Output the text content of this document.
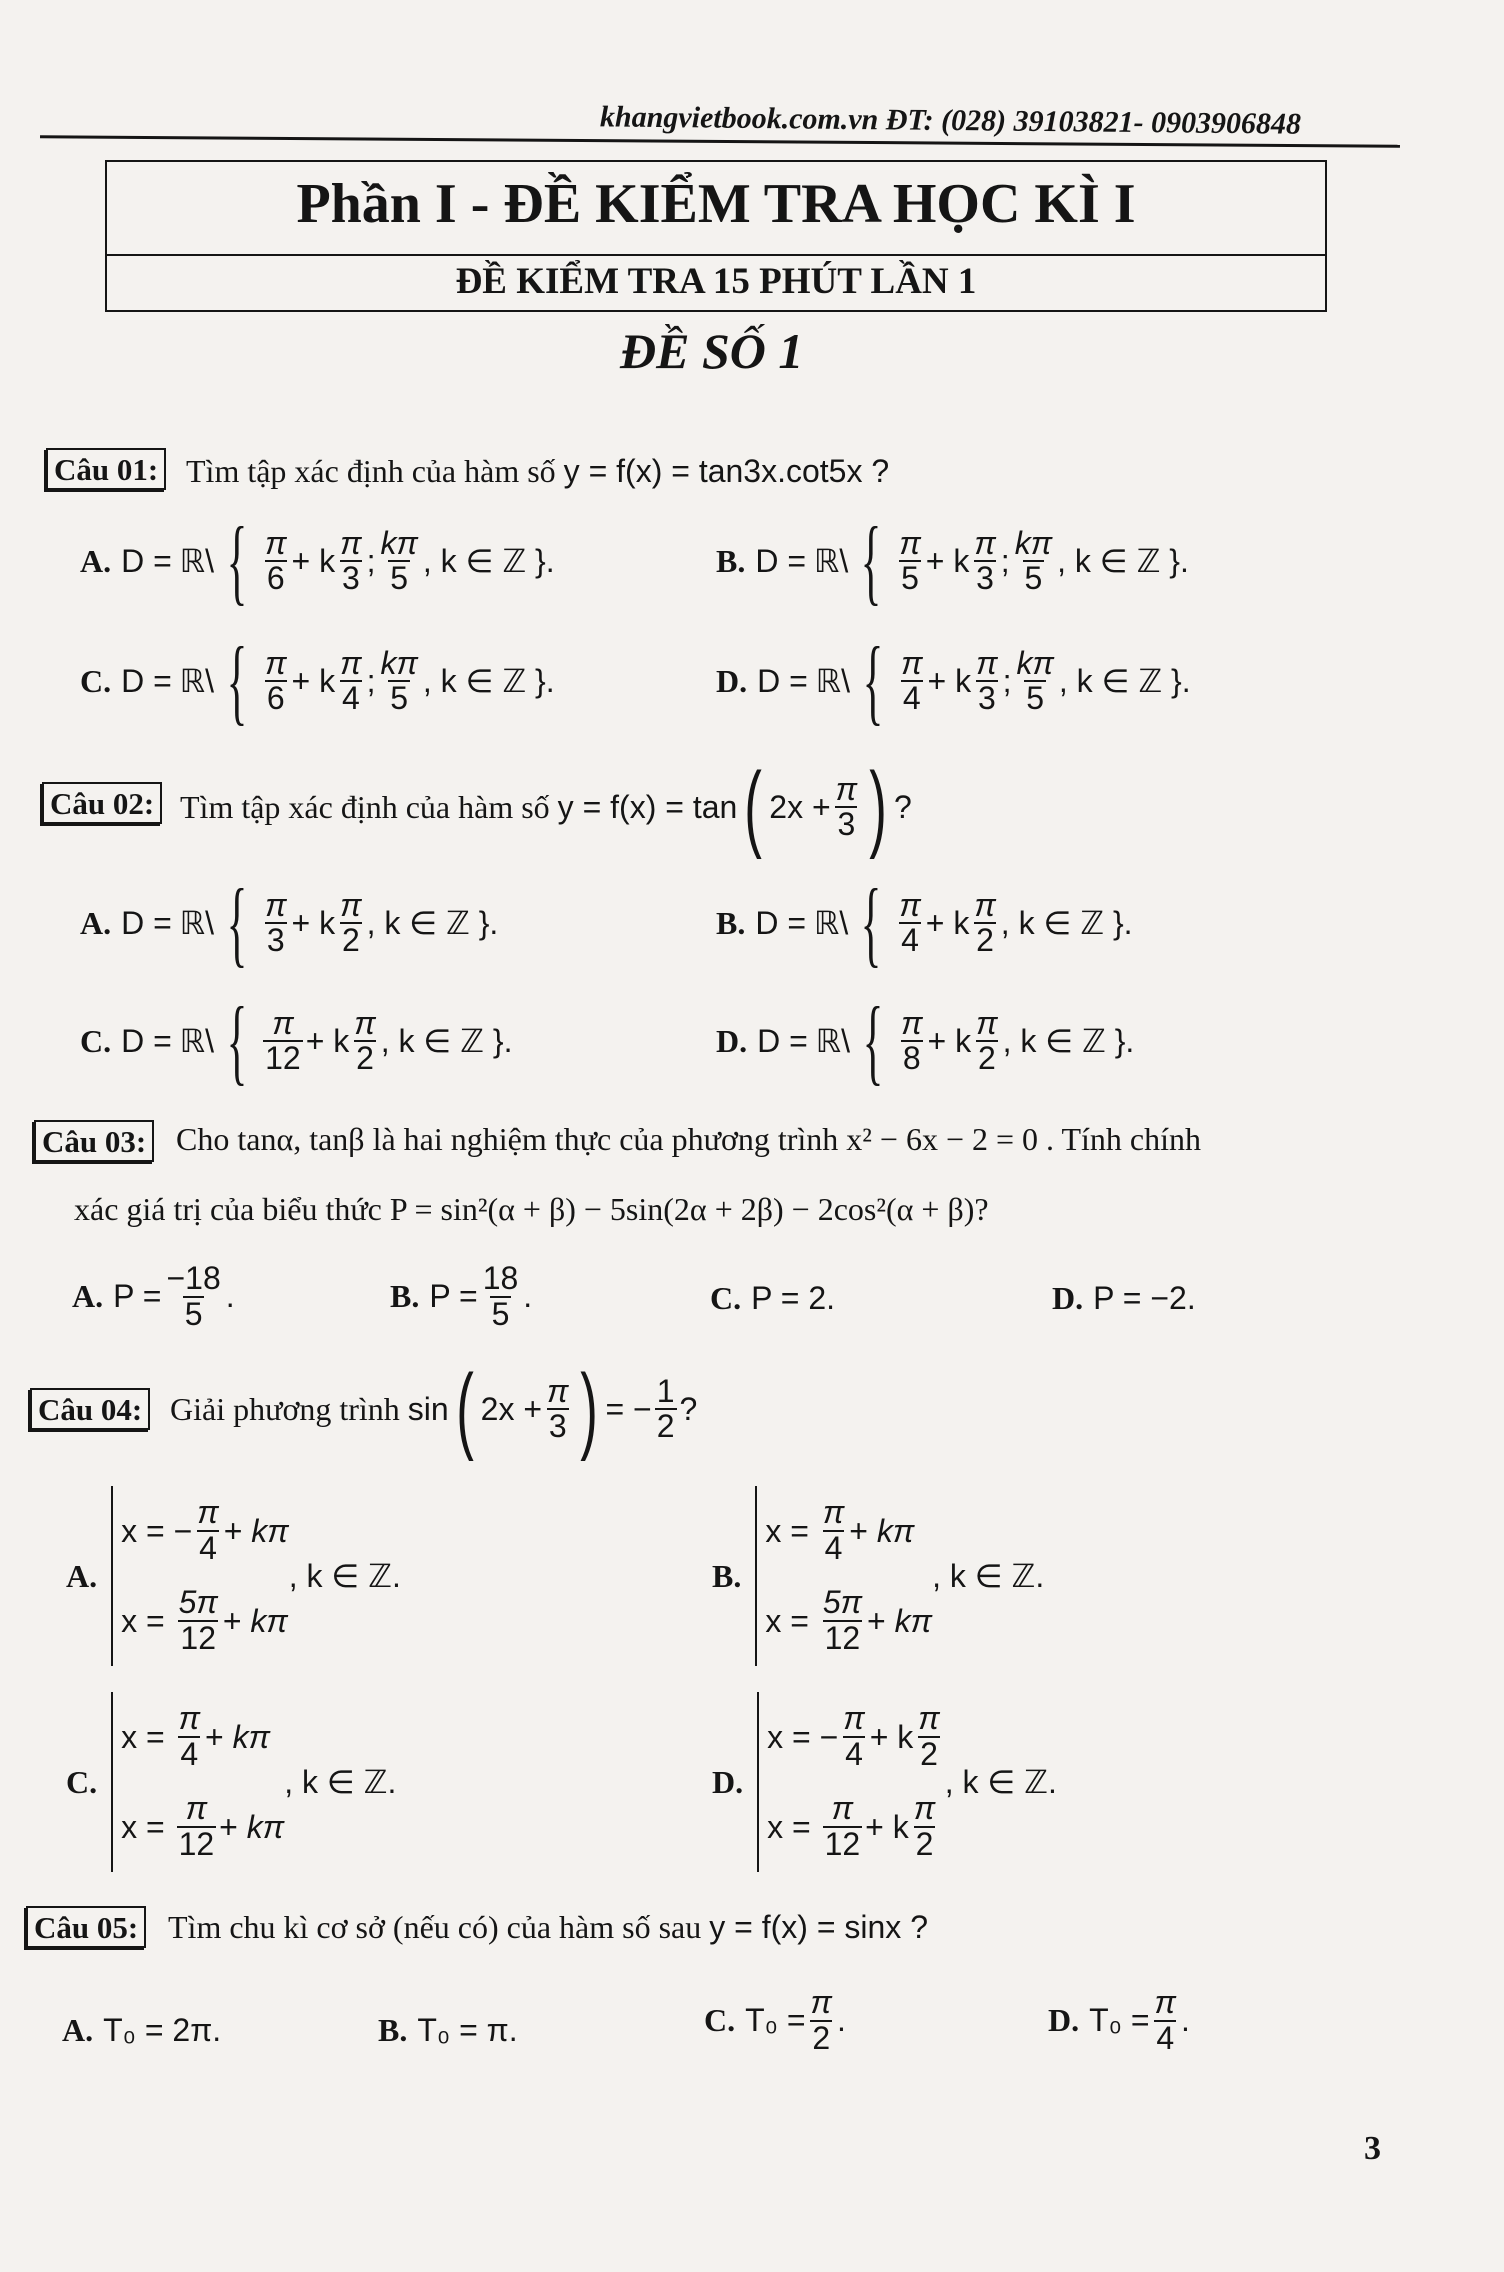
khangvietbook.com.vn ĐT: (028) 39103821- 0903906848
Phần I - ĐỀ KIỂM TRA HỌC KÌ I
ĐỀ KIỂM TRA 15 PHÚT LẦN 1
ĐỀ SỐ 1
Câu 01: Tìm tập xác định của hàm số y = f(x) = tan3x.cot5x ?
A. D =
ℝ \ { $\frac{\pi}{6} + k \frac{\pi}{3}$ ; $\frac{k\pi}{5}$ , k ∈ ℤ }.	B. D =
ℝ \ { $\frac{\pi}{5} + k \frac{\pi}{3}$ ; $\frac{k\pi}{5}$ , k ∈ ℤ }.
C. D =
ℝ \ { $\frac{\pi}{6} + k \frac{\pi}{4}$ ; $\frac{k\pi}{5}$ , k ∈ ℤ }.	D. D =
ℝ \ { $\frac{\pi}{4} + k \frac{\pi}{3}$ ; $\frac{k\pi}{5}$ , k ∈ ℤ }.
Câu 02: Tìm tập xác định của hàm số
y = f(x) = tan ( $2x + \frac{\pi}{3}$ ) ?
A. D =
ℝ \ { $\frac{\pi}{3} + k \frac{\pi}{2}$ , k ∈ ℤ }.	B. D =
ℝ \ { $\frac{\pi}{4} + k \frac{\pi}{2}$ , k ∈ ℤ }.
C. D =
ℝ \ { $\frac{\pi}{12} + k \frac{\pi}{2}$ , k ∈ ℤ }.	D. D =
ℝ \ { $\frac{\pi}{8} + k \frac{\pi}{2}$ , k ∈ ℤ }.
Câu 03: Cho tanα, tanβ là hai nghiệm thực của phương trình x² − 6x − 2 = 0 . Tính chính
xác giá trị của biểu thức P = sin²(α + β) − 5sin(2α + 2β) − 2cos²(α + β)?
A. $P = \frac{-18}{5}$ .	B. $P = \frac{18}{5}$ .	C. P = 2.	D. P = −2.
Câu 04: Giải phương trình
sin ( $2x + \frac{\pi}{3}$ ) = − $\frac{1}{2}$ ?
A.
x =
− $\frac{\pi}{4}$ +
kπ
x =
$\frac{5\pi}{12}$ +
kπ
, k ∈ ℤ.	B.
x =
$\frac{\pi}{4}$ +
kπ
x =
$\frac{5\pi}{12}$ +
kπ
, k ∈ ℤ.
C.
x =
$\frac{\pi}{4}$ +
kπ
x =
$\frac{\pi}{12}$ +
kπ
, k ∈ ℤ.	D.
x =
− $\frac{\pi}{4} + k \frac{\pi}{2}$
x =
$\frac{\pi}{12} + k \frac{\pi}{2}$
, k ∈ ℤ.
Câu 05: Tìm chu kì cơ sở (nếu có) của hàm số sau y = f(x) = sinx ?
A. T₀ = 2π.	B. T₀ = π.	C. $T_0 = \frac{\pi}{2}$ .	D. $T_0 = \frac{\pi}{4}$ .
3
